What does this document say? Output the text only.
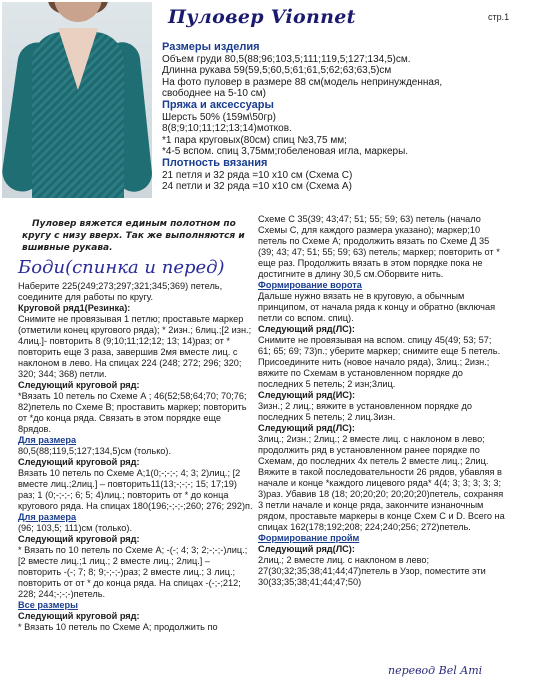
Пуловер Vionnet	стр.1
Размеры изделия
Объем груди 80,5(88;96;103,5;111;119,5;127;134,5)см.
Длинна рукава 59(59,5;60,5;61;61,5;62;63;63,5)см
На фото пуловер в размере 88 см(модель непринужденная,
свободнее на 5-10 см)
Пряжа и аксессуары
Шерсть 50% (159м\50гр)
8(8;9;10;11;12;13;14)мотков.
*1 пара круговых(80см) спиц №3,75 мм;
*4-5 вспом. спиц 3,75мм;гобеленовая игла, маркеры.
Плотность вязания
21 петля и 32 ряда =10 х10 см (Схема С)
24 петли и 32 ряда =10 х10 см (Схема А)
Пуловер вяжется единым полотном по кругу с низу вверх. Так же выполняются и вшивные рукава.
Боди(спинка и перед)

Наберите 225(249;273;297;321;345;369) петель, соедините для работы по кругу.

Круговой ряд1(Резинка):

Снимите не провязывая 1 петлю; проставьте маркер (отметили конец кругового ряда); * 2изн.; 6лиц.;[2 изн.; 4лиц.]- повторить 8 (9;10;11;12;12; 13; 14)раз; от * повторить еще 3 раза, завершив 2мя вместе лиц. с наклоном в лево. На спицах 224 (248; 272; 296; 320; 320; 344; 368) петли.

Следующий круговой ряд:

*Вязать 10 петель по Схеме А ; 46(52;58;64;70; 70;76; 82)петель по Схеме В; проставить маркер; повторить от *до конца ряда. Связать в этом порядке еще 8рядов.

Для размера

80,5(88;119,5;127;134,5)см (только).

Следующий круговой ряд:

Вязать 10 петель по Схеме А;1(0;-;-;-; 4; 3; 2)лиц.; [2 вместе лиц.;2лиц.] – повторить11(13;-;-;-; 15; 17;19) раз; 1 (0;-;-;-; 6; 5; 4)лиц.; повторить от * до конца кругового ряда. На спицах 180(196;-;-;-;260; 276; 292)п.

Для размера

(96; 103,5; 111)см (только).

Следующий круговой ряд:

* Вязать по 10 петель по Схеме А; -(-; 4; 3; 2;-;-;-)лиц.;[2 вместе лиц.;1 лиц.; 2 вместе лиц.; 2лиц.] – повторить -(-; 7; 8; 9;-;-;-)раз; 2 вместе лиц.; 3 лиц.; повторить от от * до конца ряда. На спицах -(-;-;212; 228; 244;-;-;-)петель.

Все размеры

Следующий круговой ряд:

* Вязать 10 петель по Схеме А; продолжить по

Схеме С 35(39; 43;47; 51; 55; 59; 63) петель (начало Схемы С, для каждого размера указано); маркер;10 петель по Схеме А; продолжить вязать по Схеме Д 35 (39; 43; 47; 51; 55; 59; 63) петель; маркер; повторить от * еще раз. Продолжить вязать в этом порядке пока не достигните в длину 30,5 см.Оборвите нить.

Формирование ворота

Дальше нужно вязать не в круговую, а обычным принципом, от начала ряда к концу и обратно (включая петли со вспом. спиц).

Следующий ряд(ЛС):

Снимите не провязывая на вспом. спицу 45(49; 53; 57; 61; 65; 69; 73)п.; уберите маркер; снимите еще 5 петель.

Присоедините нить (новое начало ряда), 3лиц.; 2изн.; вяжите по Схемам в установленном порядке до последних 5 петель; 2 изн;3лиц.

Следующий ряд(ИС):

3изн.; 2 лиц.; вяжите в установленном порядке до последних 5 петель; 2 лиц.3изн.

Следующий ряд(ЛС):

3лиц.; 2изн.; 2лиц.; 2 вместе лиц. с наклоном в лево; продолжить ряд в установленном ранее порядке по Схемам, до последних 4х петель 2 вместе лиц.; 2лиц.

Вяжите в такой последовательности 26 рядов, убавляя в начале и конце *каждого лицевого ряда* 4(4; 3; 3; 3; 3; 3; 3)раз. Убавив 18 (18; 20;20;20; 20;20;20)петель, сохраняя 3 петли начале и конце ряда, закончите изнаночным рядом, проставьте маркеры в конце Схем С и D. Всего на спицах 162(178;192;208; 224;240;256; 272)петель.

Формирование пройм

Следующий ряд(ЛС):

2лиц.; 2 вместе лиц. с наклоном в лево; 27(30;32;35;38;41;44;47)петель в Узор, поместите эти 30(33;35;38;41;44;47;50)

перевод Bel Ami
